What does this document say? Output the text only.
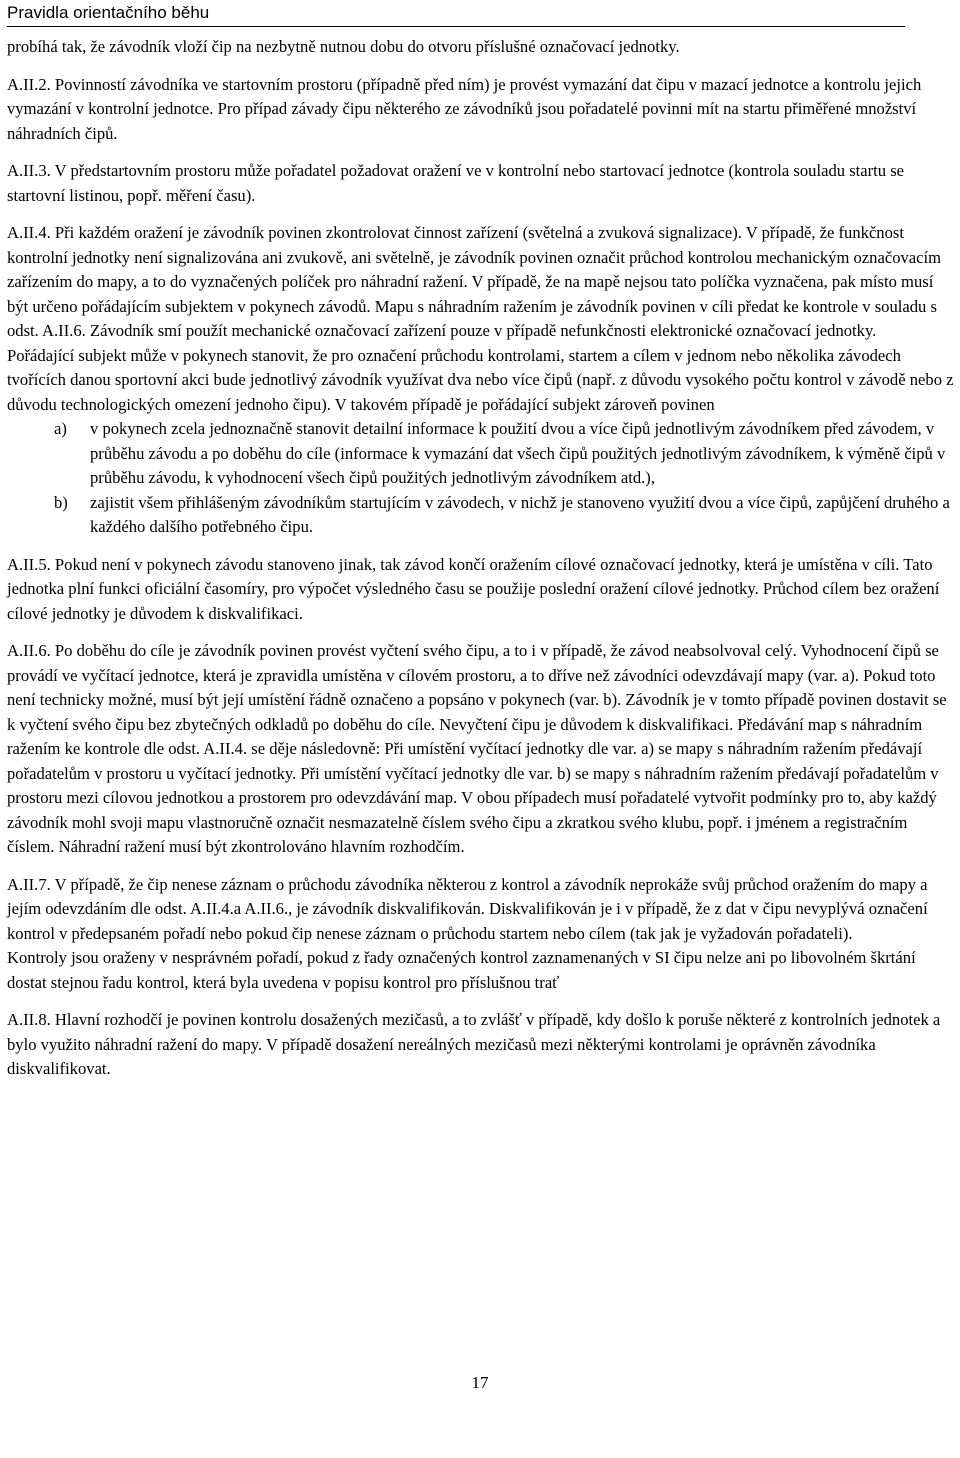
Pravidla orientačního běhu

probíhá tak, že závodník vloží čip na nezbytně nutnou dobu do otvoru příslušné označovací jednotky.

A.II.2. Povinností závodníka ve startovním prostoru (případně před ním) je provést vymazání dat čipu v mazací jednotce a kontrolu jejich vymazání v kontrolní jednotce. Pro případ závady čipu některého ze závodníků jsou pořadatelé povinni mít na startu přiměřené množství náhradních čipů.

A.II.3. V předstartovním prostoru může pořadatel požadovat oražení ve v kontrolní nebo startovací jednotce (kontrola souladu startu se startovní listinou, popř. měření času).

A.II.4. Při každém oražení je závodník povinen zkontrolovat činnost zařízení (světelná a zvuková signalizace). V případě, že funkčnost kontrolní jednotky není signalizována ani zvukově, ani světelně, je závodník povinen označit průchod kontrolou mechanickým označovacím zařízením do mapy, a to do vyznačených políček pro náhradní ražení. V případě, že na mapě nejsou tato políčka vyznačena, pak místo musí být určeno pořádajícím subjektem v pokynech závodů. Mapu s náhradním ražením je závodník povinen v cíli předat ke kontrole v souladu s odst. A.II.6. Závodník smí použít mechanické označovací zařízení pouze v případě nefunkčnosti elektronické označovací jednotky.

Pořádající subjekt může v pokynech stanovit, že pro označení průchodu kontrolami, startem a cílem v jednom nebo několika závodech tvořících danou sportovní akci bude jednotlivý závodník využívat dva nebo více čipů (např. z důvodu vysokého počtu kontrol v závodě nebo z důvodu technologických omezení jednoho čipu). V takovém případě je pořádající subjekt zároveň povinen

a) v pokynech zcela jednoznačně stanovit detailní informace k použití dvou a více čipů jednotlivým závodníkem před závodem, v průběhu závodu a po doběhu do cíle (informace k vymazání dat všech čipů použitých jednotlivým závodníkem, k výměně čipů v průběhu závodu, k vyhodnocení všech čipů použitých jednotlivým závodníkem atd.),
b) zajistit všem přihlášeným závodníkům startujícím v závodech, v nichž je stanoveno využití dvou a více čipů, zapůjčení druhého a každého dalšího potřebného čipu.

A.II.5. Pokud není v pokynech závodu stanoveno jinak, tak závod končí oražením cílové označovací jednotky, která je umístěna v cíli. Tato jednotka plní funkci oficiální časomíry, pro výpočet výsledného času se použije poslední oražení cílové jednotky. Průchod cílem bez oražení cílové jednotky je důvodem k diskvalifikaci.

A.II.6. Po doběhu do cíle je závodník povinen provést vyčtení svého čipu, a to i v případě, že závod neabsolvoval celý. Vyhodnocení čipů se provádí ve vyčítací jednotce, která je zpravidla umístěna v cílovém prostoru, a to dříve než závodníci odevzdávají mapy (var. a). Pokud toto není technicky možné, musí být její umístění řádně označeno a popsáno v pokynech (var. b). Závodník je v tomto případě povinen dostavit se k vyčtení svého čipu bez zbytečných odkladů po doběhu do cíle. Nevyčtení čipu je důvodem k diskvalifikaci. Předávání map s náhradním ražením ke kontrole dle odst. A.II.4. se děje následovně: Při umístění vyčítací jednotky dle var. a) se mapy s náhradním ražením předávají pořadatelům v prostoru u vyčítací jednotky. Při umístění vyčítací jednotky dle var. b) se mapy s náhradním ražením předávají pořadatelům v prostoru mezi cílovou jednotkou a prostorem pro odevzdávání map. V obou případech musí pořadatelé vytvořit podmínky pro to, aby každý závodník mohl svoji mapu vlastnoručně označit nesmazatelně číslem svého čipu a zkratkou svého klubu, popř. i jménem a registračním číslem. Náhradní ražení musí být zkontrolováno hlavním rozhodčím.

A.II.7. V případě, že čip nenese záznam o průchodu závodníka některou z kontrol a závodník neprokáže svůj průchod oražením do mapy a jejím odevzdáním dle odst. A.II.4.a A.II.6., je závodník diskvalifikován. Diskvalifikován je i v případě, že z dat v čipu nevyplývá označení kontrol v předepsaném pořadí nebo pokud čip nenese záznam o průchodu startem nebo cílem (tak jak je vyžadován pořadateli).

Kontroly jsou oraženy v nesprávném pořadí, pokud z řady označených kontrol zaznamenaných v SI čipu nelze ani po libovolném škrtání dostat stejnou řadu kontrol, která byla uvedena v popisu kontrol pro příslušnou trať

A.II.8. Hlavní rozhodčí je povinen kontrolu dosažených mezičasů, a to zvlášť v případě, kdy došlo k poruše některé z kontrolních jednotek a bylo využito náhradní ražení do mapy. V případě dosažení nereálných mezičasů mezi některými kontrolami je oprávněn závodníka diskvalifikovat.

17
